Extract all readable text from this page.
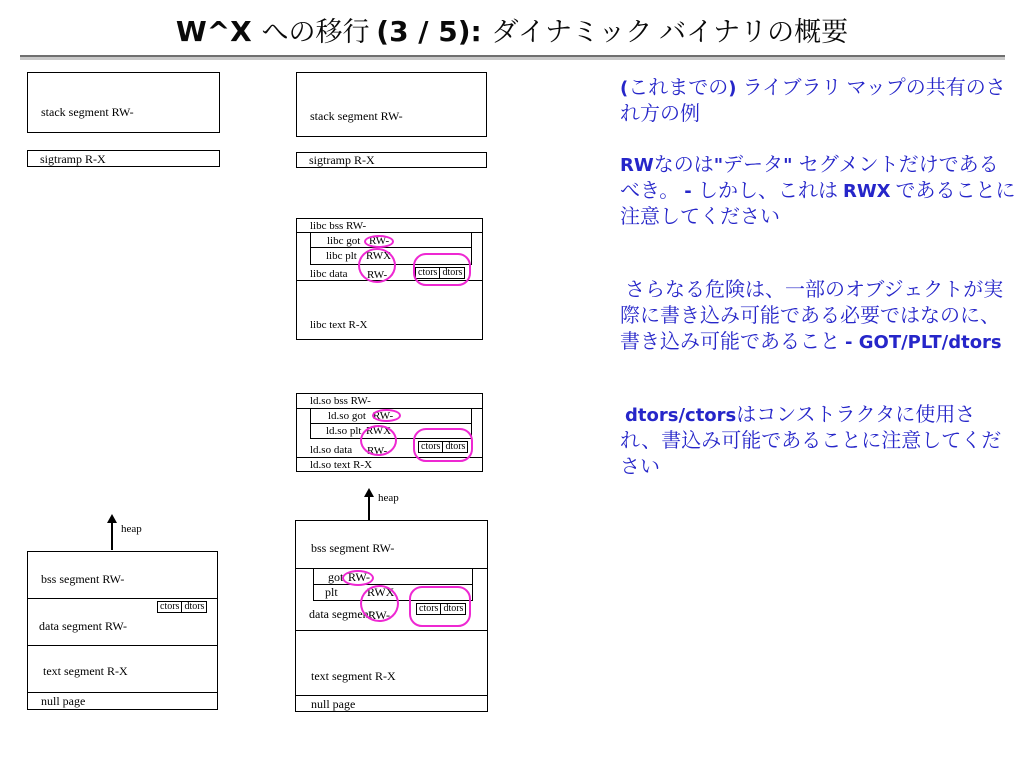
W^X への移行 (3 / 5): ダイナミック バイナリの概要

(これまでの) ライブラリ マップの共有のされ方の例

RWなのは"データ" セグメントだけであるべき。 - しかし、これは RWX であることに注意してください

さらなる危険は、一部のオブジェクトが実際に書き込み可能である必要ではなのに、書き込み可能であること - GOT/PLT/dtors

dtors/ctorsはコンストラクタに使用され、書込み可能であることに注意してください

stack segment RW-
sigtramp R-X
stack segment RW-
sigtramp R-X
libc bss RW-
libc got RW-
libc plt RWX
libc data RW-	ctors dtors
libc text R-X
ld.so bss RW-
ld.so got RW-
ld.so plt RWX
ld.so data RW-	ctors dtors
ld.so text R-X
heap
bss segment RW-
data segment RW-
ctors dtors
text segment R-X
null page
heap
bss segment RW-
got RW-
plt RWX
data segment
RW-	ctors dtors
text segment R-X
null page
